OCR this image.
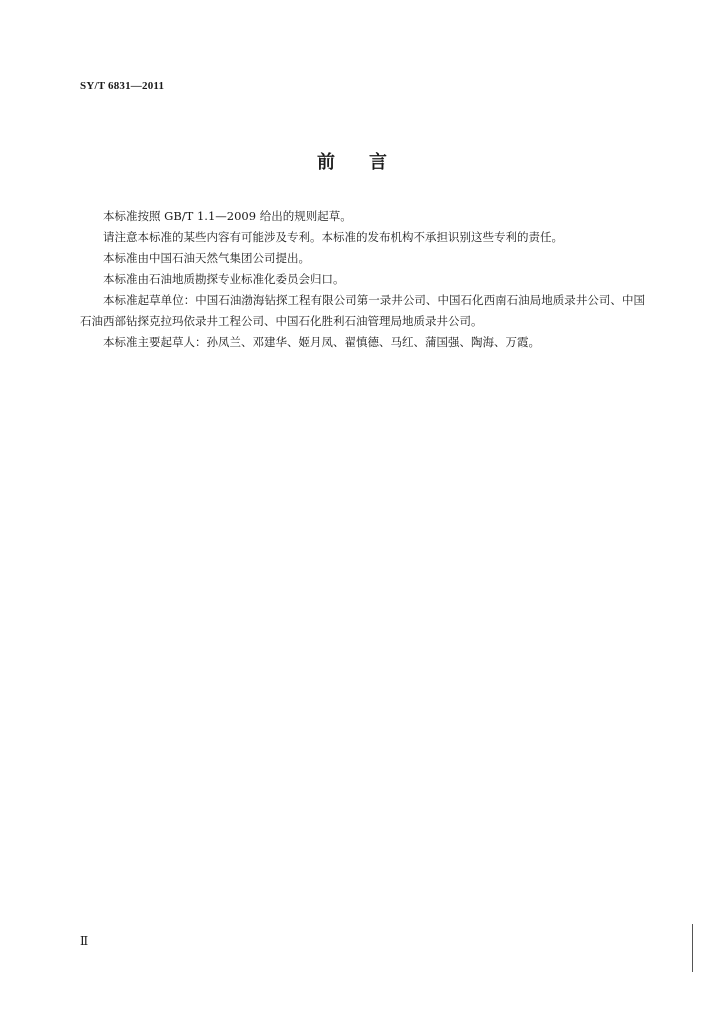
SY/T 6831—2011
前言

本标准按照 GB/T 1.1—2009 给出的规则起草。

请注意本标准的某些内容有可能涉及专利。本标准的发布机构不承担识别这些专利的责任。

本标准由中国石油天然气集团公司提出。

本标准由石油地质勘探专业标准化委员会归口。

本标准起草单位：中国石油渤海钻探工程有限公司第一录井公司、中国石化西南石油局地质录井公司、中国石油西部钻探克拉玛依录井工程公司、中国石化胜利石油管理局地质录井公司。

本标准主要起草人：孙凤兰、邓建华、姬月凤、翟慎德、马红、蒲国强、陶海、万霞。

Ⅱ
